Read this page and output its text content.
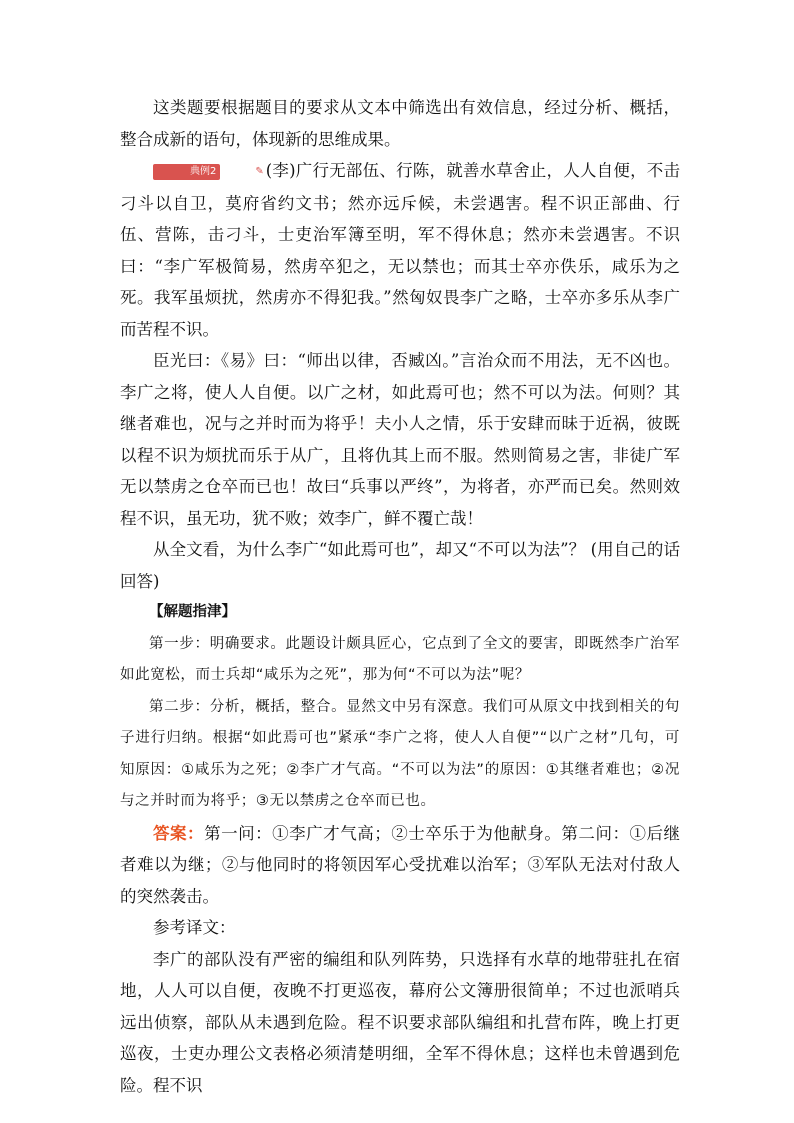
这类题要根据题目的要求从文本中筛选出有效信息，经过分析、概括，整合成新的语句，体现新的思维成果。

典例2	✎ (李)广行无部伍、行陈，就善水草舍止，人人自便，不击刁斗以自卫，莫府省约文书；然亦远斥候，未尝遇害。程不识正部曲、行伍、营陈，击刁斗，士吏治军簿至明，军不得休息；然亦未尝遇害。不识曰：“李广军极简易，然虏卒犯之，无以禁也；而其士卒亦佚乐，咸乐为之死。我军虽烦扰，然虏亦不得犯我。”然匈奴畏李广之略，士卒亦多乐从李广而苦程不识。

臣光曰：《易》曰：“师出以律，否臧凶。”言治众而不用法，无不凶也。李广之将，使人人自便。以广之材，如此焉可也；然不可以为法。何则？其继者难也，况与之并时而为将乎！夫小人之情，乐于安肆而昧于近祸，彼既以程不识为烦扰而乐于从广，且将仇其上而不服。然则简易之害，非徒广军无以禁虏之仓卒而已也！故曰“兵事以严终”，为将者，亦严而已矣。然则效程不识，虽无功，犹不败；效李广，鲜不覆亡哉！

从全文看，为什么李广“如此焉可也”，却又“不可以为法”？ (用自己的话回答)

【解题指津】

第一步：明确要求。此题设计颇具匠心，它点到了全文的要害，即既然李广治军如此宽松，而士兵却“咸乐为之死”，那为何“不可以为法”呢？

第二步：分析，概括，整合。显然文中另有深意。我们可从原文中找到相关的句子进行归纳。根据“如此焉可也”紧承“李广之将，使人人自便”“以广之材”几句，可知原因：①咸乐为之死；②李广才气高。“不可以为法”的原因：①其继者难也；②况与之并时而为将乎；③无以禁虏之仓卒而已也。

答案：第一问：①李广才气高；②士卒乐于为他献身。第二问：①后继者难以为继；②与他同时的将领因军心受扰难以治军；③军队无法对付敌人的突然袭击。

参考译文：

李广的部队没有严密的编组和队列阵势，只选择有水草的地带驻扎在宿地，人人可以自便，夜晚不打更巡夜，幕府公文簿册很简单；不过也派哨兵远出侦察，部队从未遇到危险。程不识要求部队编组和扎营布阵，晚上打更巡夜，士吏办理公文表格必须清楚明细，全军不得休息；这样也未曾遇到危险。程不识
